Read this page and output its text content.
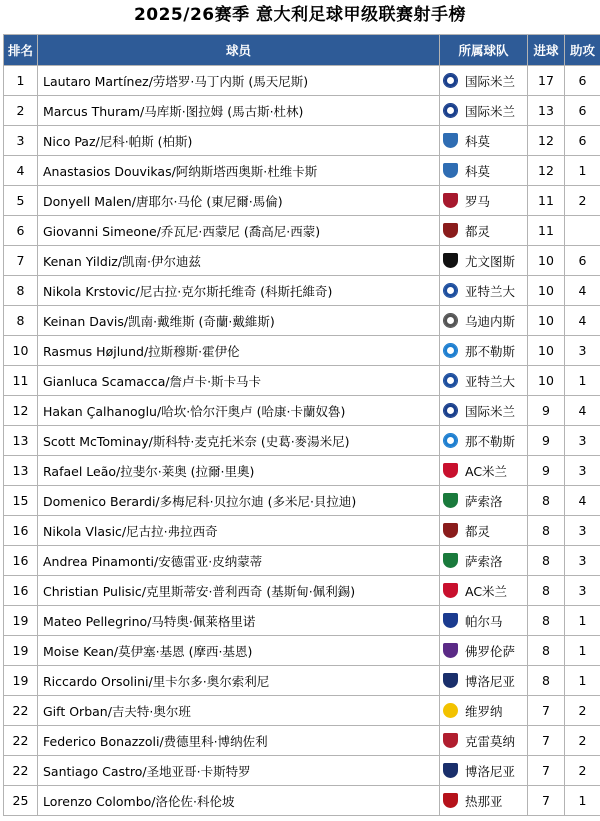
2025/26赛季 意大利足球甲级联赛射手榜
排名	球员	所属球队	进球	助攻
1	Lautaro Martínez/劳塔罗·马丁内斯 (馬天尼斯)	国际米兰	17	6
2	Marcus Thuram/马库斯·图拉姆 (馬古斯·杜林)	国际米兰	13	6
3	Nico Paz/尼科·帕斯 (柏斯)	科莫	12	6
4	Anastasios Douvikas/阿纳斯塔西奥斯·杜维卡斯	科莫	12	1
5	Donyell Malen/唐耶尔·马伦 (東尼爾·馬倫)	罗马	11	2
6	Giovanni Simeone/乔瓦尼·西蒙尼 (喬高尼·西蒙)	都灵	11	
7	Kenan Yildiz/凯南·伊尔迪兹	尤文图斯	10	6
8	Nikola Krstovic/尼古拉·克尔斯托维奇 (科斯托維奇)	亚特兰大	10	4
8	Keinan Davis/凯南·戴维斯 (奇蘭·戴維斯)	乌迪内斯	10	4
10	Rasmus Højlund/拉斯穆斯·霍伊伦	那不勒斯	10	3
11	Gianluca Scamacca/詹卢卡·斯卡马卡	亚特兰大	10	1
12	Hakan Çalhanoglu/哈坎·恰尔汗奥卢 (哈康·卡蘭奴魯)	国际米兰	9	4
13	Scott McTominay/斯科特·麦克托米奈 (史葛·麥湯米尼)	那不勒斯	9	3
13	Rafael Leão/拉斐尔·莱奥 (拉爾·里奧)	AC米兰	9	3
15	Domenico Berardi/多梅尼科·贝拉尔迪 (多米尼·貝拉迪)	萨索洛	8	4
16	Nikola Vlasic/尼古拉·弗拉西奇	都灵	8	3
16	Andrea Pinamonti/安德雷亚·皮纳蒙蒂	萨索洛	8	3
16	Christian Pulisic/克里斯蒂安·普利西奇 (基斯甸·佩利錫)	AC米兰	8	3
19	Mateo Pellegrino/马特奥·佩莱格里诺	帕尔马	8	1
19	Moise Kean/莫伊塞·基恩 (摩西·基恩)	佛罗伦萨	8	1
19	Riccardo Orsolini/里卡尔多·奥尔索利尼	博洛尼亚	8	1
22	Gift Orban/吉夫特·奥尔班	维罗纳	7	2
22	Federico Bonazzoli/费德里科·博纳佐利	克雷莫纳	7	2
22	Santiago Castro/圣地亚哥·卡斯特罗	博洛尼亚	7	2
25	Lorenzo Colombo/洛伦佐·科伦坡	热那亚	7	1
